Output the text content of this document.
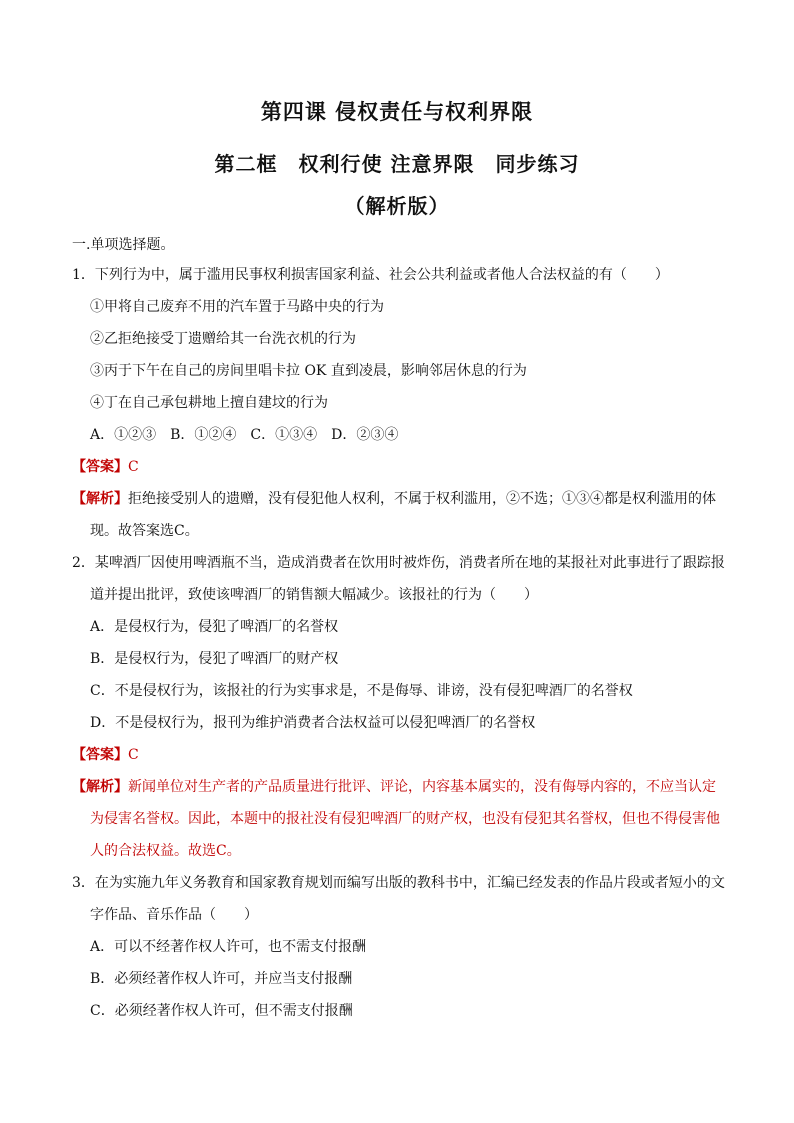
第四课 侵权责任与权利界限
第二框　权利行使 注意界限　同步练习
（解析版）
一.单项选择题。
1．下列行为中，属于滥用民事权利损害国家利益、社会公共利益或者他人合法权益的有（　　）
①甲将自己废弃不用的汽车置于马路中央的行为
②乙拒绝接受丁遗赠给其一台洗衣机的行为
③丙于下午在自己的房间里唱卡拉 OK 直到凌晨，影响邻居休息的行为
④丁在自己承包耕地上擅自建坟的行为
A．①②③　B．①②④　C．①③④　D．②③④
【答案】C
【解析】拒绝接受别人的遗赠，没有侵犯他人权利，不属于权利滥用，②不选；①③④都是权利滥用的体
现。故答案选C。
2．某啤酒厂因使用啤酒瓶不当，造成消费者在饮用时被炸伤，消费者所在地的某报社对此事进行了跟踪报
道并提出批评，致使该啤酒厂的销售额大幅减少。该报社的行为（　　）
A．是侵权行为，侵犯了啤酒厂的名誉权
B．是侵权行为，侵犯了啤酒厂的财产权
C．不是侵权行为，该报社的行为实事求是，不是侮辱、诽谤，没有侵犯啤酒厂的名誉权
D．不是侵权行为，报刊为维护消费者合法权益可以侵犯啤酒厂的名誉权
【答案】C
【解析】新闻单位对生产者的产品质量进行批评、评论，内容基本属实的，没有侮辱内容的，不应当认定
为侵害名誉权。因此，本题中的报社没有侵犯啤酒厂的财产权，也没有侵犯其名誉权，但也不得侵害他
人的合法权益。故选C。
3．在为实施九年义务教育和国家教育规划而编写出版的教科书中，汇编已经发表的作品片段或者短小的文
字作品、音乐作品（　　）
A．可以不经著作权人许可，也不需支付报酬
B．必须经著作权人许可，并应当支付报酬
C．必须经著作权人许可，但不需支付报酬
